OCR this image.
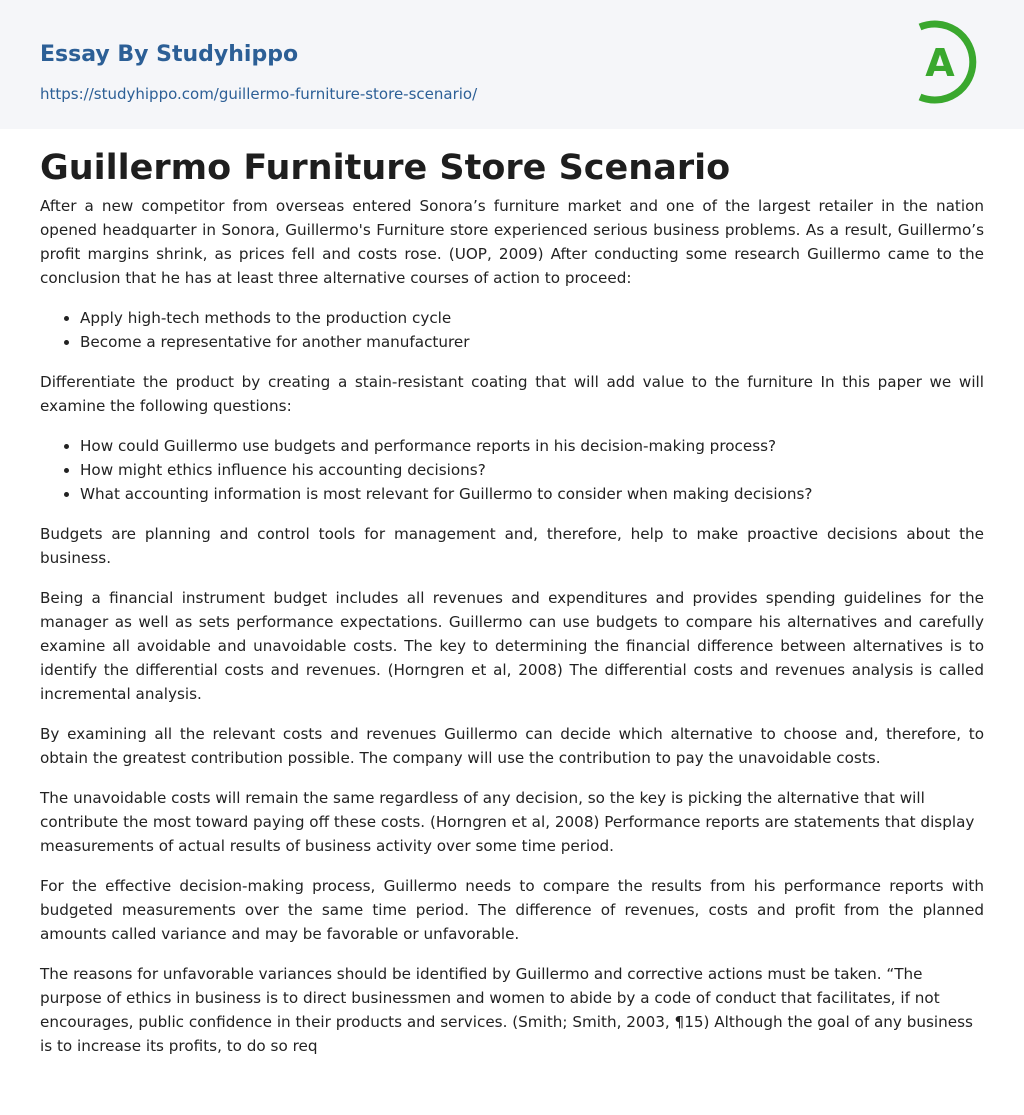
Essay By Studyhippo
https://studyhippo.com/guillermo-furniture-store-scenario/
A
Guillermo Furniture Store Scenario

After a new competitor from overseas entered Sonora’s furniture market and one of the largest retailer in the nation opened headquarter in Sonora, Guillermo's Furniture store experienced serious business problems. As a result, Guillermo’s profit margins shrink, as prices fell and costs rose. (UOP, 2009) After conducting some research Guillermo came to the conclusion that he has at least three alternative courses of action to proceed:

• Apply high-tech methods to the production cycle
• Become a representative for another manufacturer

Differentiate the product by creating a stain-resistant coating that will add value to the furniture In this paper we will examine the following questions:

• How could Guillermo use budgets and performance reports in his decision-making process?
• How might ethics influence his accounting decisions?
• What accounting information is most relevant for Guillermo to consider when making decisions?

Budgets are planning and control tools for management and, therefore, help to make proactive decisions about the business.

Being a financial instrument budget includes all revenues and expenditures and provides spending guidelines for the manager as well as sets performance expectations. Guillermo can use budgets to compare his alternatives and carefully examine all avoidable and unavoidable costs. The key to determining the financial difference between alternatives is to identify the differential costs and revenues. (Horngren et al, 2008) The differential costs and revenues analysis is called incremental analysis.

By examining all the relevant costs and revenues Guillermo can decide which alternative to choose and, therefore, to obtain the greatest contribution possible. The company will use the contribution to pay the unavoidable costs.

The unavoidable costs will remain the same regardless of any decision, so the key is picking the alternative that will contribute the most toward paying off these costs. (Horngren et al, 2008) Performance reports are statements that display measurements of actual results of business activity over some time period.

For the effective decision-making process, Guillermo needs to compare the results from his performance reports with budgeted measurements over the same time period. The difference of revenues, costs and profit from the planned amounts called variance and may be favorable or unfavorable.

The reasons for unfavorable variances should be identified by Guillermo and corrective actions must be taken. “The purpose of ethics in business is to direct businessmen and women to abide by a code of conduct that facilitates, if not encourages, public confidence in their products and services. (Smith; Smith, 2003, ¶15) Although the goal of any business is to increase its profits, to do so req
